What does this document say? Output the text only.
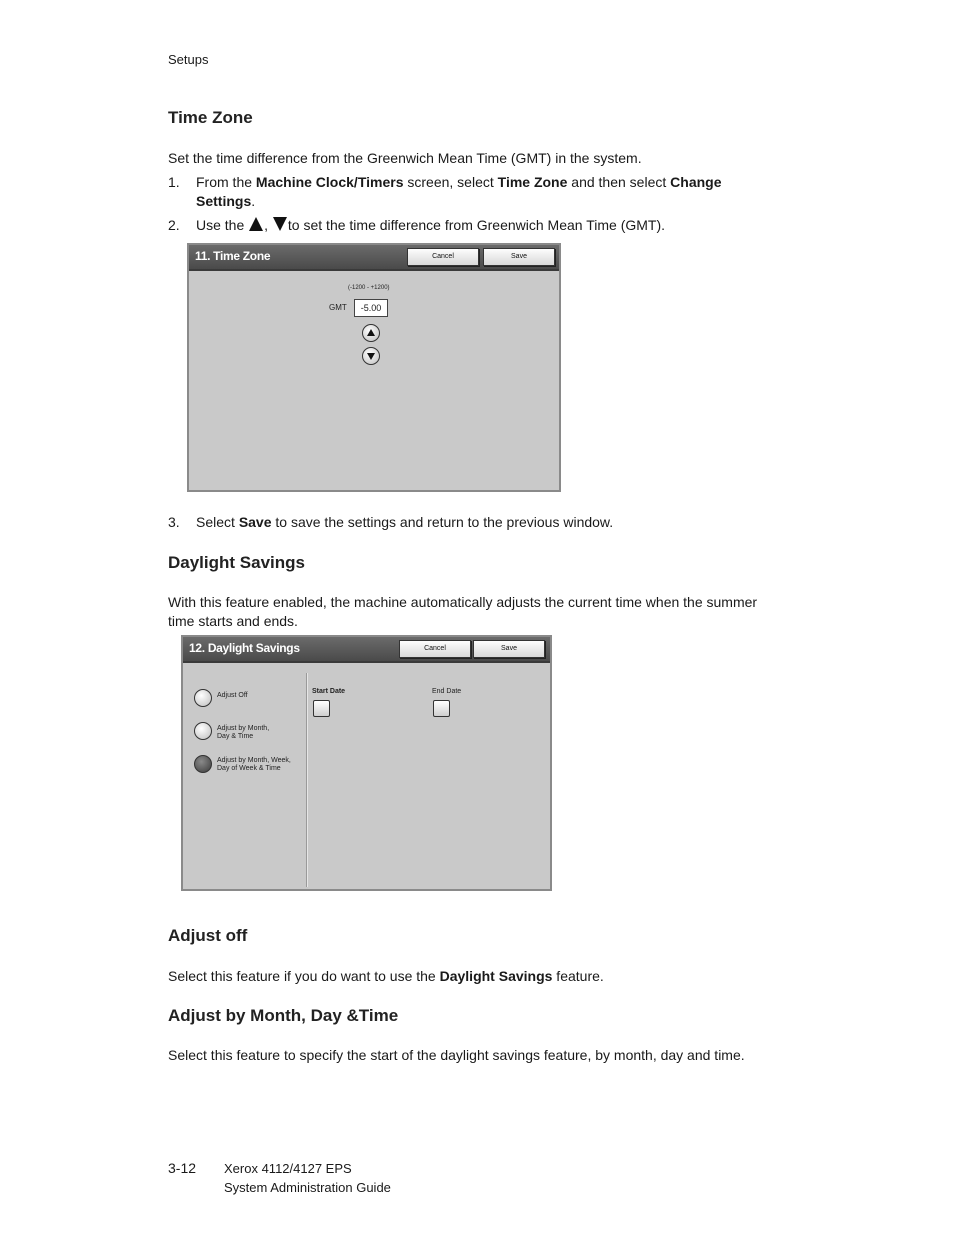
Setups
Time Zone

Set the time difference from the Greenwich Mean Time (GMT) in the system.

1. From the Machine Clock/Timers screen, select Time Zone and then select Change Settings.
2. Use the , to set the time difference from Greenwich Mean Time (GMT).
11. Time Zone	Cancel	Save
(-1200 - +1200)
GMT	-5.00
3. Select Save to save the settings and return to the previous window.
Daylight Savings

With this feature enabled, the machine automatically adjusts the current time when the summer time starts and ends.

12. Daylight Savings	Cancel	Save
Adjust Off
Adjust by Month,
Day & Time
Adjust by Month, Week,
Day of Week & Time
Start Date	End Date
Adjust off

Select this feature if you do want to use the Daylight Savings feature.

Adjust by Month, Day &Time

Select this feature to specify the start of the daylight savings feature, by month, day and time.

3-12 Xerox 4112/4127 EPS
System Administration Guide
